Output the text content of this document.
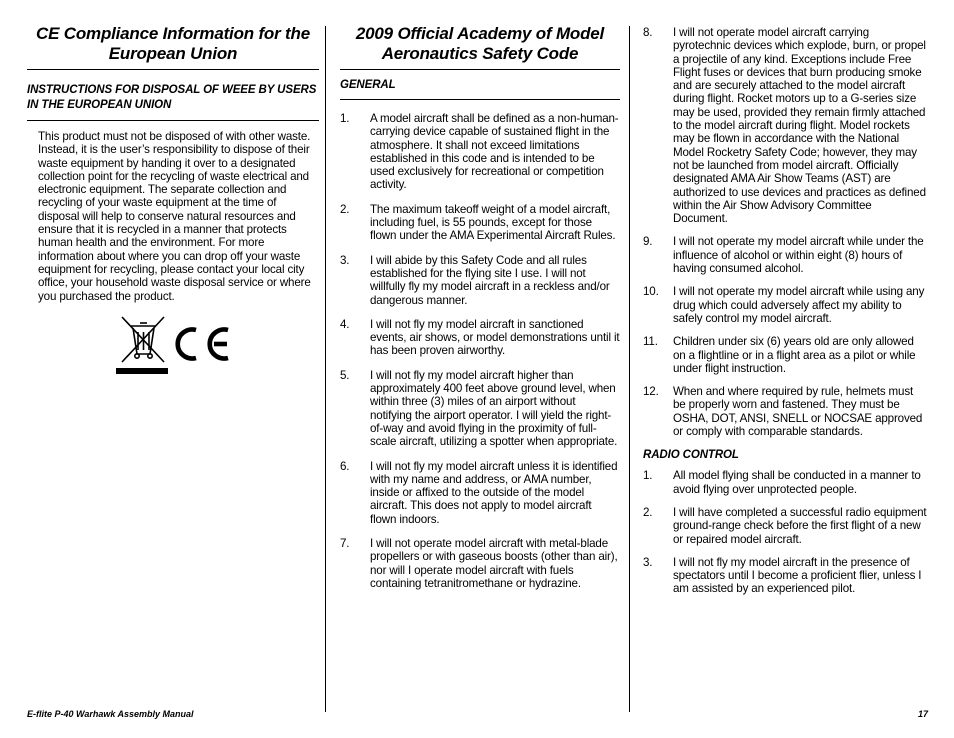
CE Compliance Information for the European Union

INSTRUCTIONS FOR DISPOSAL OF WEEE BY USERS IN THE EUROPEAN UNION

This product must not be disposed of with other waste. Instead, it is the user’s responsibility to dispose of their waste equipment by handing it over to a designated collection point for the recycling of waste electrical and electronic equipment. The separate collection and recycling of your waste equipment at the time of disposal will help to conserve natural resources and ensure that it is recycled in a manner that protects human health and the environment. For more information about where you can drop off your waste equipment for recycling, please contact your local city office, your household waste disposal service or where you purchased the product.

2009 Official Academy of Model Aeronautics Safety Code

GENERAL

1.	A model aircraft shall be defined as a non-human-carrying device capable of sustained flight in the atmosphere. It shall not exceed limitations established in this code and is intended to be used exclusively for recreational or competition activity.
2.	The maximum takeoff weight of a model aircraft, including fuel, is 55 pounds, except for those flown under the AMA Experimental Aircraft Rules.
3.	I will abide by this Safety Code and all rules established for the flying site I use. I will not willfully fly my model aircraft in a reckless and/or dangerous manner.
4.	I will not fly my model aircraft in sanctioned events, air shows, or model demonstrations until it has been proven airworthy.
5.	I will not fly my model aircraft higher than approximately 400 feet above ground level, when within three (3) miles of an airport without notifying the airport operator. I will yield the right-of-way and avoid flying in the proximity of full-scale aircraft, utilizing a spotter when appropriate.
6.	I will not fly my model aircraft unless it is identified with my name and address, or AMA number, inside or affixed to the outside of the model aircraft. This does not apply to model aircraft flown indoors.
7.	I will not operate model aircraft with metal-blade propellers or with gaseous boosts (other than air), nor will I operate model aircraft with fuels containing tetranitromethane or hydrazine.
8.	I will not operate model aircraft carrying pyrotechnic devices which explode, burn, or propel a projectile of any kind. Exceptions include Free Flight fuses or devices that burn producing smoke and are securely attached to the model aircraft during flight. Rocket motors up to a G-series size may be used, provided they remain firmly attached to the model aircraft during flight. Model rockets may be flown in accordance with the National Model Rocketry Safety Code; however, they may not be launched from model aircraft. Officially designated AMA Air Show Teams (AST) are authorized to use devices and practices as defined within the Air Show Advisory Committee Document.
9.	I will not operate my model aircraft while under the influence of alcohol or within eight (8) hours of having consumed alcohol.
10.	I will not operate my model aircraft while using any drug which could adversely affect my ability to safely control my model aircraft.
11.	Children under six (6) years old are only allowed on a flightline or in a flight area as a pilot or while under flight instruction.
12.	When and where required by rule, helmets must be properly worn and fastened. They must be OSHA, DOT, ANSI, SNELL or NOCSAE approved or comply with comparable standards.

RADIO CONTROL

1.	All model flying shall be conducted in a manner to avoid flying over unprotected people.
2.	I will have completed a successful radio equipment ground-range check before the first flight of a new or repaired model aircraft.
3.	I will not fly my model aircraft in the presence of spectators until I become a proficient flier, unless I am assisted by an experienced pilot.
E-flite P-40 Warhawk Assembly Manual	17
